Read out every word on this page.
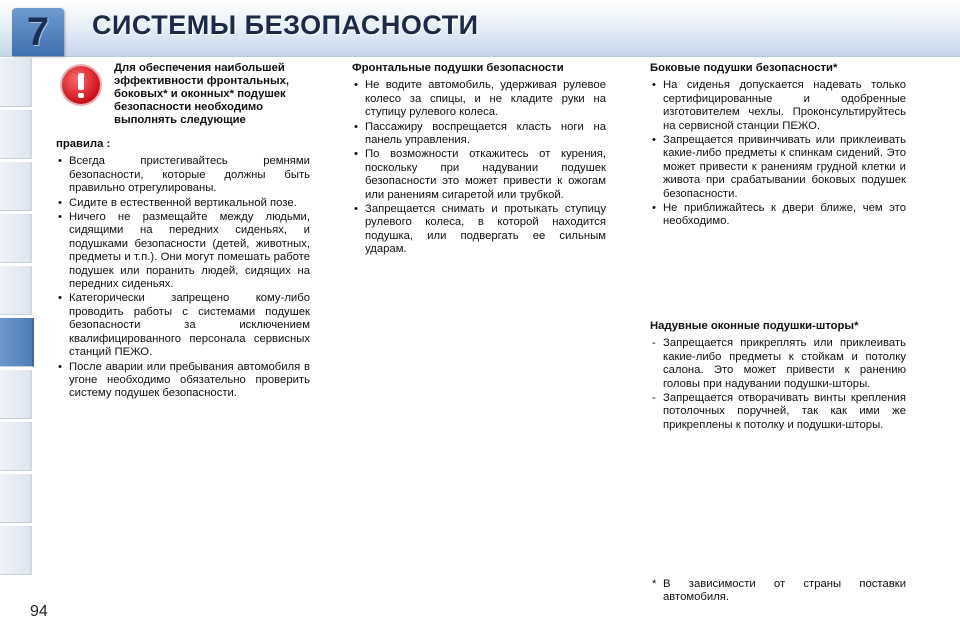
7	СИСТЕМЫ БЕЗОПАСНОСТИ
Для обеспечения наибольшей эффективности фронтальных, боковых* и оконных* подушек безопасности необходимо выполнять следующие
правила :
• Всегда пристегивайтесь ремнями безопасности, которые должны быть правильно отрегулированы.
• Сидите в естественной вертикальной позе.
• Ничего не размещайте между людьми, сидящими на передних сиденьях, и подушками безопасности (детей, животных, предметы и т.п.). Они могут помешать работе подушек или поранить людей, сидящих на передних сиденьях.
• Категорически запрещено кому-либо проводить работы с системами подушек безопасности за исключением квалифицированного персонала сервисных станций ПЕЖО.
• После аварии или пребывания автомобиля в угоне необходимо обязательно проверить систему подушек безопасности.
Фронтальные подушки безопасности
• Не водите автомобиль, удерживая рулевое колесо за спицы, и не кладите руки на ступицу рулевого колеса.
• Пассажиру воспрещается класть ноги на панель управления.
• По возможности откажитесь от курения, поскольку при надувании подушек безопасности это может привести к ожогам или ранениям сигаретой или трубкой.
• Запрещается снимать и протыкать ступицу рулевого колеса, в которой находится подушка, или подвергать ее сильным ударам.
Боковые подушки безопасности*
• На сиденья допускается надевать только сертифицированные и одобренные изготовителем чехлы. Проконсультируйтесь на сервисной станции ПЕЖО.
• Запрещается привинчивать или приклеивать какие-либо предметы к спинкам сидений. Это может привести к ранениям грудной клетки и живота при срабатывании боковых подушек безопасности.
• Не приближайтесь к двери ближе, чем это необходимо.
Надувные оконные подушки-шторы*
- Запрещается прикреплять или приклеивать какие-либо предметы к стойкам и потолку салона. Это может привести к ранению головы при надувании подушки-шторы.
- Запрещается отворачивать винты крепления потолочных поручней, так как ими же прикреплены к потолку и подушки-шторы.
* В зависимости от страны поставки автомобиля.
94
